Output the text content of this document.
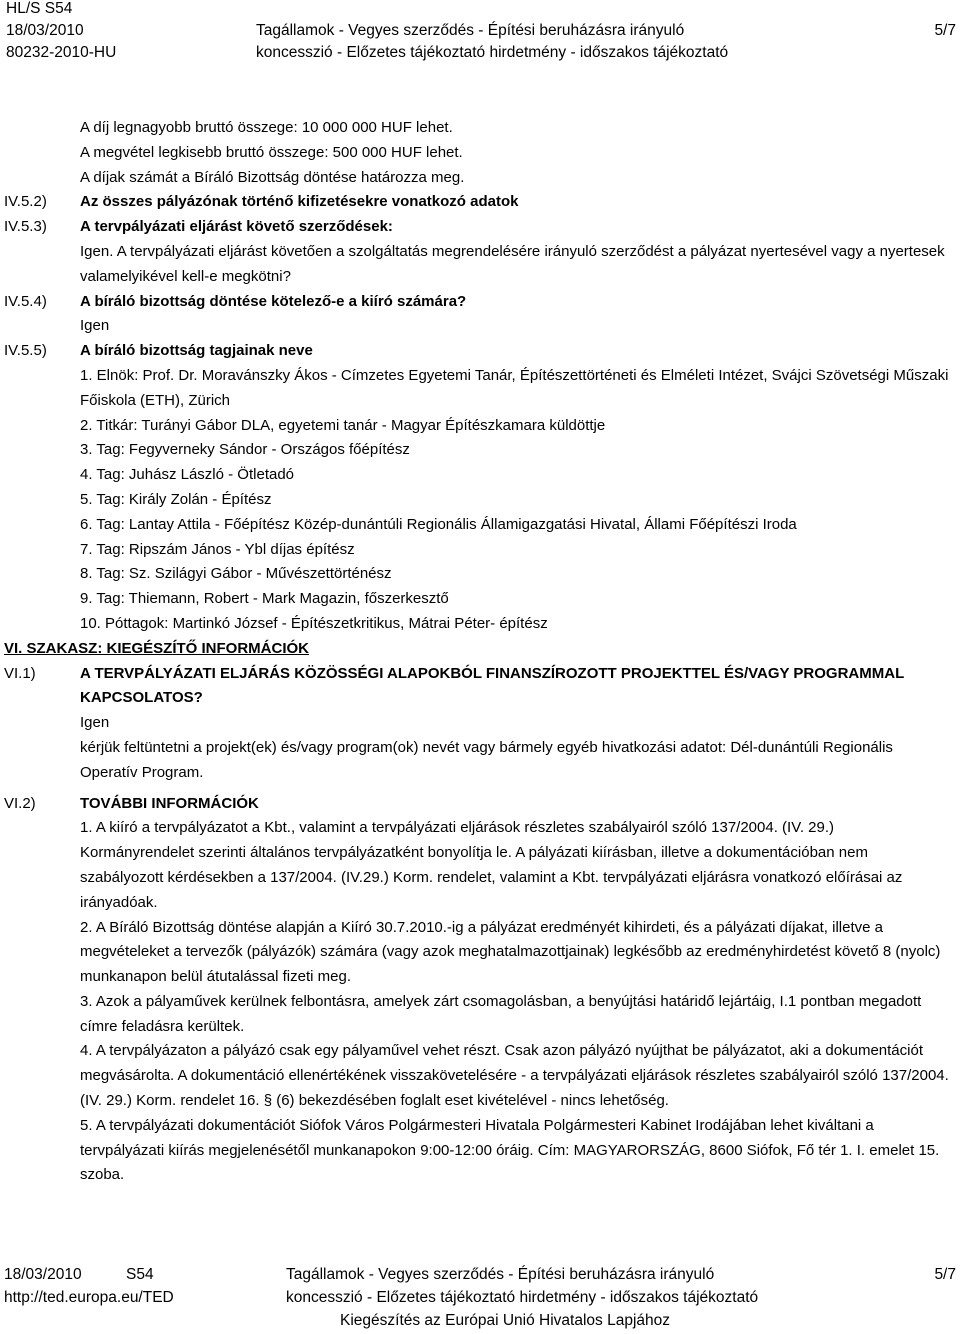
HL/S S54
18/03/2010
80232-2010-HU
Tagállamok - Vegyes szerződés - Építési beruházásra irányuló
koncesszió - Előzetes tájékoztató hirdetmény - időszakos tájékoztató
5/7
A díj legnagyobb bruttó összege: 10 000 000 HUF lehet.
A megvétel legkisebb bruttó összege: 500 000 HUF lehet.
A díjak számát a Bíráló Bizottság döntése határozza meg.
IV.5.2)	Az összes pályázónak történő kifizetésekre vonatkozó adatok
IV.5.3)	A tervpályázati eljárást követő szerződések:
Igen. A tervpályázati eljárást követően a szolgáltatás megrendelésére irányuló szerződést a pályázat nyertesével vagy a nyertesek valamelyikével kell-e megkötni?
IV.5.4)	A bíráló bizottság döntése kötelező-e a kiíró számára?
Igen
IV.5.5)	A bíráló bizottság tagjainak neve
1. Elnök: Prof. Dr. Moravánszky Ákos - Címzetes Egyetemi Tanár, Építészettörténeti és Elméleti Intézet, Svájci Szövetségi Műszaki Főiskola (ETH), Zürich
2. Titkár: Turányi Gábor DLA, egyetemi tanár - Magyar Építészkamara küldöttje
3. Tag: Fegyverneky Sándor - Országos főépítész
4. Tag: Juhász László - Ötletadó
5. Tag: Király Zolán - Építész
6. Tag: Lantay Attila - Főépítész Közép-dunántúli Regionális Államigazgatási Hivatal, Állami Főépítészi Iroda
7. Tag: Ripszám János - Ybl díjas építész
8. Tag: Sz. Szilágyi Gábor - Művészettörténész
9. Tag: Thiemann, Robert - Mark Magazin, főszerkesztő
10. Póttagok: Martinkó József - Építészetkritikus, Mátrai Péter- építész
VI. SZAKASZ: KIEGÉSZÍTŐ INFORMÁCIÓK
VI.1)	A TERVPÁLYÁZATI ELJÁRÁS KÖZÖSSÉGI ALAPOKBÓL FINANSZÍROZOTT PROJEKTTEL ÉS/VAGY PROGRAMMAL KAPCSOLATOS?
Igen
kérjük feltüntetni a projekt(ek) és/vagy program(ok) nevét vagy bármely egyéb hivatkozási adatot: Dél-dunántúli Regionális Operatív Program.
VI.2)	TOVÁBBI INFORMÁCIÓK
1. A kiíró a tervpályázatot a Kbt., valamint a tervpályázati eljárások részletes szabályairól szóló 137/2004. (IV. 29.) Kormányrendelet szerinti általános tervpályázatként bonyolítja le. A pályázati kiírásban, illetve a dokumentációban nem szabályozott kérdésekben a 137/2004. (IV.29.) Korm. rendelet, valamint a Kbt. tervpályázati eljárásra vonatkozó előírásai az irányadóak.
2. A Bíráló Bizottság döntése alapján a Kiíró 30.7.2010.-ig a pályázat eredményét kihirdeti, és a pályázati díjakat, illetve a megvételeket a tervezők (pályázók) számára (vagy azok meghatalmazottjainak) legkésőbb az eredményhirdetést követő 8 (nyolc) munkanapon belül átutalással fizeti meg.
3. Azok a pályaművek kerülnek felbontásra, amelyek zárt csomagolásban, a benyújtási határidő lejártáig, I.1 pontban megadott címre feladásra kerültek.
4. A tervpályázaton a pályázó csak egy pályaművel vehet részt. Csak azon pályázó nyújthat be pályázatot, aki a dokumentációt megvásárolta. A dokumentáció ellenértékének visszakövetelésére - a tervpályázati eljárások részletes szabályairól szóló 137/2004. (IV. 29.) Korm. rendelet 16. § (6) bekezdésében foglalt eset kivételével - nincs lehetőség.
5. A tervpályázati dokumentációt Siófok Város Polgármesteri Hivatala Polgármesteri Kabinet Irodájában lehet kiváltani a tervpályázati kiírás megjelenésétől munkanapokon 9:00-12:00 óráig. Cím: MAGYARORSZÁG, 8600 Siófok, Fő tér 1. I. emelet 15. szoba.
18/03/2010	S54
http://ted.europa.eu/TED
Tagállamok - Vegyes szerződés - Építési beruházásra irányuló
koncesszió - Előzetes tájékoztató hirdetmény - időszakos tájékoztató
Kiegészítés az Európai Unió Hivatalos Lapjához
5/7
